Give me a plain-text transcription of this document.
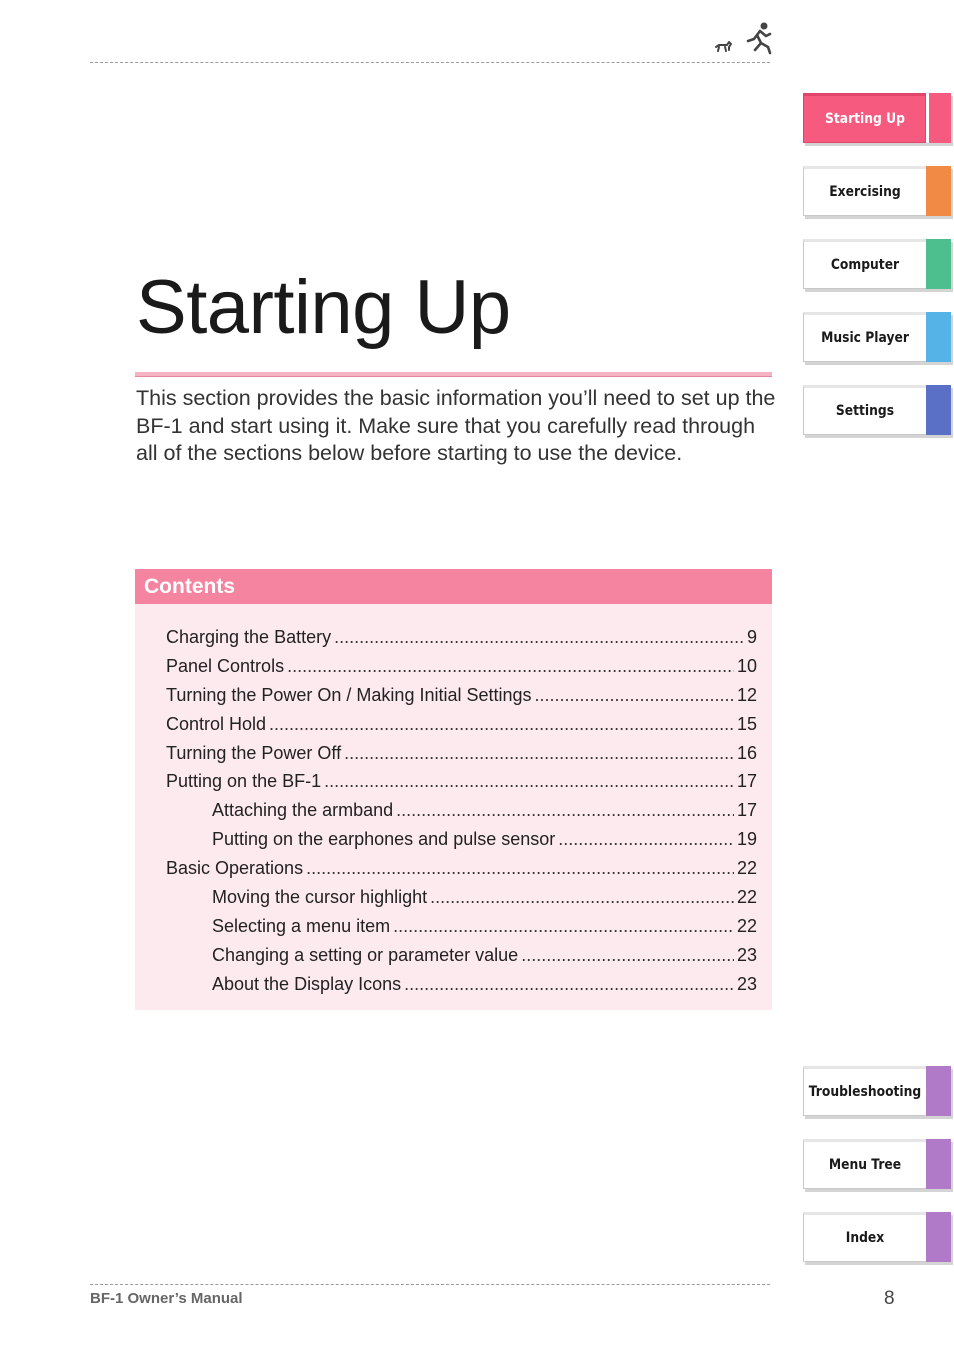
Starting Up

This section provides the basic information you’ll need to set up the BF-1 and start using it. Make sure that you carefully read through all of the sections below before starting to use the device.

Contents
Charging the Battery .....	9
Panel Controls .....	10
Turning the Power On / Making Initial Settings .....	12
Control Hold .....	15
Turning the Power Off .....	16
Putting on the BF-1 .....	17
Attaching the armband .....	17
Putting on the earphones and pulse sensor .....	19
Basic Operations .....	22
Moving the cursor highlight .....	22
Selecting a menu item .....	22
Changing a setting or parameter value .....	23
About the Display Icons .....	23
Starting Up
Exercising
Computer
Music Player
Settings
Troubleshooting
Menu Tree
Index
BF-1 Owner’s Manual	8
